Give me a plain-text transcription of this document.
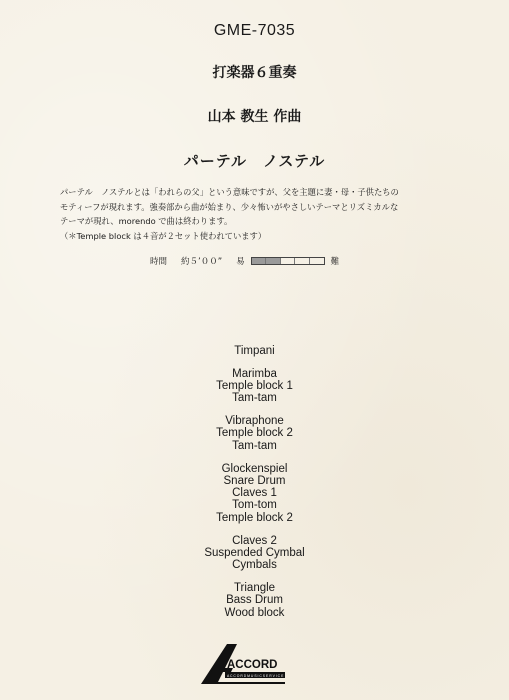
GME-7035
打楽器６重奏
山本 教生 作曲
パーテル　ノステル
パーテル　ノステルとは「われらの父」という意味ですが、父を主題に妻・母・子供たちの
モティーフが現れます。強奏部から曲が始まり、少々怖いがやさしいテーマとリズミカルな
テーマが現れ、morendo で曲は終わります。
（＊Temple block は４音が２セット使われています）
時間 約５’００” 易	難
Timpani
Marimba
Temple block 1
Tam-tam
Vibraphone
Temple block 2
Tam-tam
Glockenspiel
Snare Drum
Claves 1
Tom-tom
Temple block 2
Claves 2
Suspended Cymbal
Cymbals
Triangle
Bass Drum
Wood block
ACCORD
A C C O R D M U S I C S E R V I C E
